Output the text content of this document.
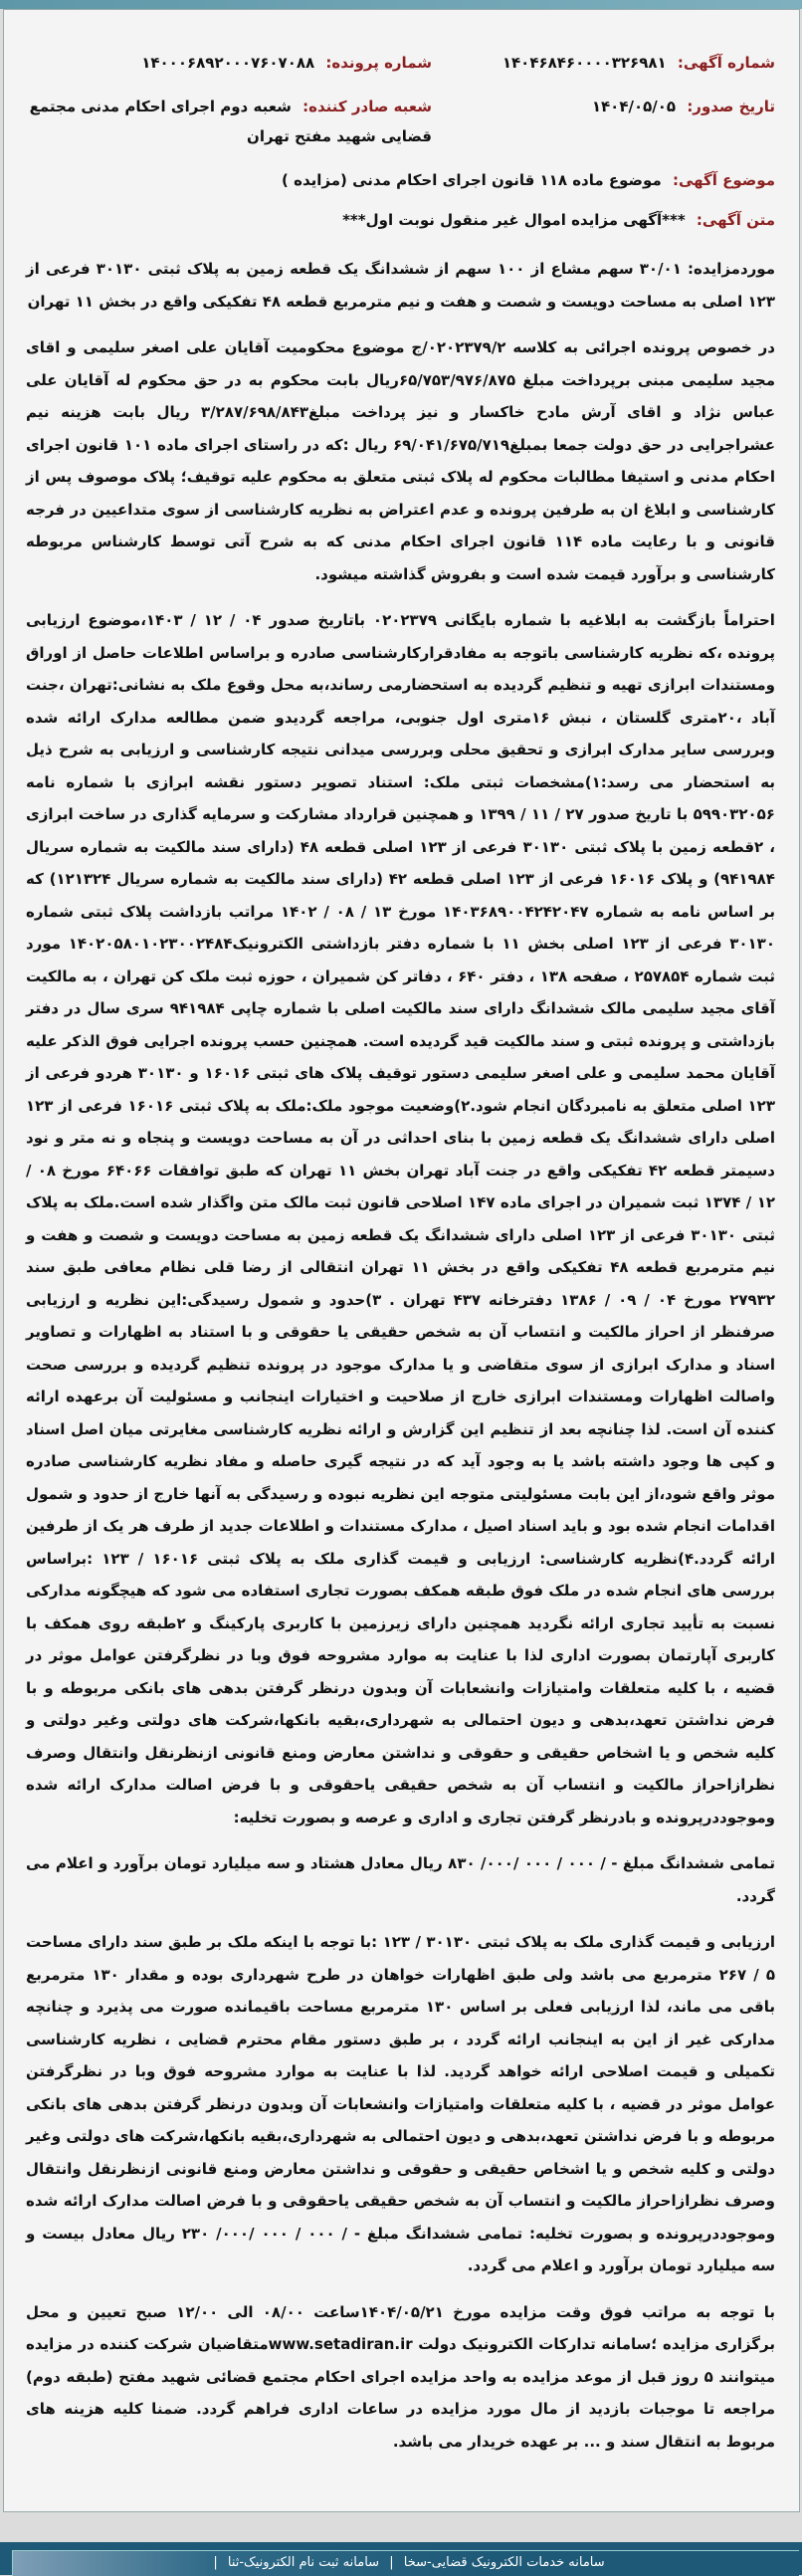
شماره آگهی: ۱۴۰۴۶۸۴۶۰۰۰۰۳۲۶۹۸۱
شماره پرونده: ۱۴۰۰۰۶۸۹۲۰۰۰۷۶۰۷۰۸۸
تاریخ صدور: ۱۴۰۴/۰۵/۰۵
شعبه صادر کننده: شعبه دوم اجرای احکام مدنی مجتمع قضایی شهید مفتح تهران
موضوع آگهی: موضوع ماده ۱۱۸ قانون اجرای احکام مدنی (مزایده )
متن آگهی: ***آگهی مزایده اموال غیر منقول نوبت اول***

موردمزایده: ۳۰/۰۱ سهم مشاع از ۱۰۰ سهم از ششدانگ یک قطعه زمین به پلاک ثبتی ۳۰۱۳۰ فرعی از ۱۲۳ اصلی به مساحت دویست و شصت و هفت و نیم مترمربع قطعه ۴۸ تفکیکی واقع در بخش ۱۱ تهران

در خصوص پرونده اجرائی به کلاسه ۰۲۰۲۳۷۹/۲/ج موضوع محکومیت آقایان علی اصغر سلیمی و اقای مجید سلیمی مبنی برپرداخت مبلغ ۶۵/۷۵۳/۹۷۶/۸۷۵ریال بابت محکوم به در حق محکوم له آقایان علی عباس نژاد و اقای آرش مادح خاکسار و نیز پرداخت مبلغ۳/۲۸۷/۶۹۸/۸۴۳ ریال بابت هزینه نیم عشراجرایی در حق دولت جمعا بمبلغ۶۹/۰۴۱/۶۷۵/۷۱۹ ریال :که در راستای اجرای ماده ۱۰۱ قانون اجرای احکام مدنی و استیفا مطالبات محکوم له پلاک ثبتی متعلق به محکوم علیه توقیف؛ پلاک موصوف پس از کارشناسی و ابلاغ ان به طرفین پرونده و عدم اعتراض به نظریه کارشناسی از سوی متداعیین در فرجه قانونی و با رعایت ماده ۱۱۴ قانون اجرای احکام مدنی که به شرح آتی توسط کارشناس مربوطه کارشناسی و برآورد قیمت شده است و بفروش گذاشته میشود.

احتراماً بازگشت به ابلاغیه با شماره بایگانی ۰۲۰۲۳۷۹ باتاریخ صدور ۰۴ / ۱۲ / ۱۴۰۳،موضوع ارزیابی پرونده ،که نظریه کارشناسی باتوجه به مفادقرارکارشناسی صادره و براساس اطلاعات حاصل از اوراق ومستندات ابرازی تهیه و تنظیم گردیده به استحضارمی رساند،به محل وقوع ملک به نشانی:تهران ،جنت آباد ،۲۰متری گلستان ، نبش ۱۶متری اول جنوبی، مراجعه گردیدو ضمن مطالعه مدارک ارائه شده وبررسی سایر مدارک ابرازی و تحقیق محلی وبررسی میدانی نتیجه کارشناسی و ارزیابی به شرح ذیل به استحضار می رسد:۱)مشخصات ثبتی ملک: استناد تصویر دستور نقشه ابرازی با شماره نامه ۵۹۹۰۳۲۰۵۶ با تاریخ صدور ۲۷ / ۱۱ / ۱۳۹۹ و همچنین قرارداد مشارکت و سرمایه گذاری در ساخت ابرازی ، ۲قطعه زمین با پلاک ثبتی ۳۰۱۳۰ فرعی از ۱۲۳ اصلی قطعه ۴۸ (دارای سند مالکیت به شماره سریال ۹۴۱۹۸۴) و پلاک ۱۶۰۱۶ فرعی از ۱۲۳ اصلی قطعه ۴۲ (دارای سند مالکیت به شماره سریال ۱۲۱۳۲۴) که بر اساس نامه به شماره ۱۴۰۳۶۸۹۰۰۴۲۴۲۰۴۷ مورخ ۱۳ / ۰۸ / ۱۴۰۲ مراتب بازداشت پلاک ثبتی شماره ۳۰۱۳۰ فرعی از ۱۲۳ اصلی بخش ۱۱ با شماره دفتر بازداشتی الکترونیک۱۴۰۲۰۵۸۰۱۰۲۳۰۰۲۴۸۴ مورد ثبت شماره ۲۵۷۸۵۴ ، صفحه ۱۳۸ ، دفتر ۶۴۰ ، دفاتر کن شمیران ، حوزه ثبت ملک کن تهران ، به مالکیت آقای مجید سلیمی مالک ششدانگ دارای سند مالکیت اصلی با شماره چاپی ۹۴۱۹۸۴ سری سال در دفتر بازداشتی و پرونده ثبتی و سند مالکیت قید گردیده است. همچنین حسب پرونده اجرایی فوق الذکر علیه آقایان محمد سلیمی و علی اصغر سلیمی دستور توقیف پلاک های ثبتی ۱۶۰۱۶ و ۳۰۱۳۰ هردو فرعی از ۱۲۳ اصلی متعلق به نامبردگان انجام شود.۲)وضعیت موجود ملک:ملک به پلاک ثبتی ۱۶۰۱۶ فرعی از ۱۲۳ اصلی دارای ششدانگ یک قطعه زمین با بنای احداثی در آن به مساحت دویست و پنجاه و نه متر و نود دسیمتر قطعه ۴۲ تفکیکی واقع در جنت آباد تهران بخش ۱۱ تهران که طبق توافقات ۶۴۰۶۶ مورخ ۰۸ / ۱۲ / ۱۳۷۴ ثبت شمیران در اجرای ماده ۱۴۷ اصلاحی قانون ثبت مالک متن واگذار شده است.ملک به پلاک ثبتی ۳۰۱۳۰ فرعی از ۱۲۳ اصلی دارای ششدانگ یک قطعه زمین به مساحت دویست و شصت و هفت و نیم مترمربع قطعه ۴۸ تفکیکی واقع در بخش ۱۱ تهران انتقالی از رضا قلی نظام معافی طبق سند ۲۷۹۳۲ مورخ ۰۴ / ۰۹ / ۱۳۸۶ دفترخانه ۴۳۷ تهران . ۳)حدود و شمول رسیدگی:این نظریه و ارزیابی صرفنظر از احراز مالکیت و انتساب آن به شخص حقیقی یا حقوقی و با استناد به اظهارات و تصاویر اسناد و مدارک ابرازی از سوی متقاضی و یا مدارک موجود در پرونده تنظیم گردیده و بررسی صحت واصالت اظهارات ومستندات ابرازی خارج از صلاحیت و اختیارات اینجانب و مسئولیت آن برعهده ارائه کننده آن است. لذا چنانچه بعد از تنظیم این گزارش و ارائه نظریه کارشناسی مغایرتی میان اصل اسناد و کپی ها وجود داشته باشد یا به وجود آید که در نتیجه گیری حاصله و مفاد نظریه کارشناسی صادره موثر واقع شود،از این بابت مسئولیتی متوجه این نظریه نبوده و رسیدگی به آنها خارج از حدود و شمول اقدامات انجام شده بود و باید اسناد اصیل ، مدارک مستندات و اطلاعات جدید از طرف هر یک از طرفین ارائه گردد.۴)نظریه کارشناسی: ارزیابی و قیمت گذاری ملک به پلاک ثبتی ۱۶۰۱۶ / ۱۲۳ :براساس بررسی های انجام شده در ملک فوق طبقه همکف بصورت تجاری استفاده می شود که هیچگونه مدارکی نسبت به تأیید تجاری ارائه نگردید همچنین دارای زیرزمین با کاربری پارکینگ و ۲طبقه روی همکف با کاربری آپارتمان بصورت اداری لذا با عنایت به موارد مشروحه فوق وبا در نظرگرفتن عوامل موثر در قضیه ، با کلیه متعلقات وامتیازات وانشعابات آن وبدون درنظر گرفتن بدهی های بانکی مربوطه و با فرض نداشتن تعهد،بدهی و دیون احتمالی به شهرداری،بقیه بانکها،شرکت های دولتی وغیر دولتی و کلیه شخص و یا اشخاص حقیقی و حقوقی و نداشتن معارض ومنع قانونی ازنظرنقل وانتقال وصرف نظرازاحراز مالکیت و انتساب آن به شخص حقیقی یاحقوقی و با فرض اصالت مدارک ارائه شده وموجوددرپرونده و بادرنظر گرفتن تجاری و اداری و عرصه و بصورت تخلیه:

تمامی ششدانگ مبلغ - / ۰۰۰ / ۰۰۰ /۰۰۰/ ۸۳۰ ریال معادل هشتاد و سه میلیارد تومان برآورد و اعلام می گردد.

ارزیابی و قیمت گذاری ملک به پلاک ثبتی ۳۰۱۳۰ / ۱۲۳ :با توجه با اینکه ملک بر طبق سند دارای مساحت ۵ / ۲۶۷ مترمربع می باشد ولی طبق اظهارات خواهان در طرح شهرداری بوده و مقدار ۱۳۰ مترمربع باقی می ماند، لذا ارزیابی فعلی بر اساس ۱۳۰ مترمربع مساحت باقیمانده صورت می پذیرد و چنانچه مدارکی غیر از این به اینجانب ارائه گردد ، بر طبق دستور مقام محترم قضایی ، نظریه کارشناسی تکمیلی و قیمت اصلاحی ارائه خواهد گردید. لذا با عنایت به موارد مشروحه فوق وبا در نظرگرفتن عوامل موثر در قضیه ، با کلیه متعلقات وامتیازات وانشعابات آن وبدون درنظر گرفتن بدهی های بانکی مربوطه و با فرض نداشتن تعهد،بدهی و دیون احتمالی به شهرداری،بقیه بانکها،شرکت های دولتی وغیر دولتی و کلیه شخص و یا اشخاص حقیقی و حقوقی و نداشتن معارض ومنع قانونی ازنظرنقل وانتقال وصرف نظرازاحراز مالکیت و انتساب آن به شخص حقیقی یاحقوقی و با فرض اصالت مدارک ارائه شده وموجوددرپرونده و بصورت تخلیه: تمامی ششدانگ مبلغ - / ۰۰۰ / ۰۰۰ /۰۰۰/ ۲۳۰ ریال معادل بیست و سه میلیارد تومان برآورد و اعلام می گردد.

با توجه به مراتب فوق وقت مزایده مورخ ۱۴۰۴/۰۵/۲۱ساعت ۰۸/۰۰ الی ۱۲/۰۰ صبح تعیین و محل برگزاری مزایده ؛سامانه تدارکات الکترونیک دولت www.setadiran.irمتقاضیان شرکت کننده در مزایده میتوانند ۵ روز قبل از موعد مزایده به واحد مزایده اجرای احکام مجتمع قضائی شهید مفتح (طبقه دوم) مراجعه تا موجبات بازدید از مال مورد مزایده در ساعات اداری فراهم گردد. ضمنا کلیه هزینه های مربوط به انتقال سند و ... بر عهده خریدار می باشد.

سامانه خدمات الکترونیک قضایی-سخا | سامانه ثبت نام الکترونیک-ثنا |
